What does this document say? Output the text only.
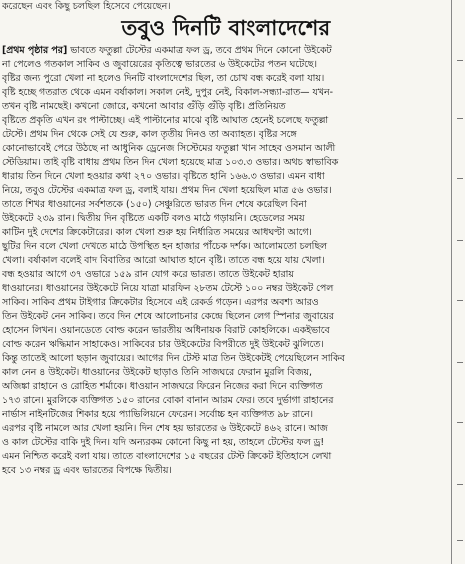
করেছেন এবং কিছু চলছিল হিসেবে পেয়েছেন।
তবুও দিনটি বাংলাদেশের
[প্রথম পৃষ্ঠার পর] ভাবতে ফতুল্লা টেস্টের একমাত্র ফল ড্র, তবে প্রথম দিনে কোনো উইকেট
না পেলেও গতকাল সাকিব ও জুবায়েরের কৃতিত্বে ভারতের ৬ উইকেটের পতন ঘটেছে।
বৃষ্টির জন্য পুরো খেলা না হলেও দিনটি বাংলাদেশের ছিল, তা চোখ বন্ধ করেই বলা যায়।
বৃষ্টি হচ্ছে গতরাত থেকে এমন বর্ষাকাল। সকাল নেই, দুপুর নেই, বিকাল-সন্ধ্যা-রাত— যখন-
তখন বৃষ্টি নামছেই। কখনো জোরে, কখনো আবার গুঁড়ি গুঁড়ি বৃষ্টি। প্রতিনিয়ত
বৃষ্টিতে প্রকৃতি এখন রং পাল্টাচ্ছে। এই পাল্টানোর মাঝে বৃষ্টি আঘাত হেনেই চলেছে ফতুল্লা
টেস্টে। প্রথম দিন থেকে সেই যে শুরু, কাল তৃতীয় দিনও তা অব্যাহত। বৃষ্টির সঙ্গে
কোনোভাবেই পেরে উঠছে না আধুনিক ড্রেনেজ সিস্টেমের ফতুল্লা খান সাহেব ওসমান আলী
স্টেডিয়াম। তাই বৃষ্টি বাধায় প্রথম তিন দিন খেলা হয়েছে মাত্র ১০৩.৩ ওভার। অথচ স্বাভাবিক
ধারায় তিন দিনে খেলা হওয়ার কথা ২৭০ ওভার। বৃষ্টিতে হানি ১৬৬.৩ ওভার। এমন বাধা
নিয়ে, তবুও টেস্টের একমাত্র ফল ড্র, বলাই যায়। প্রথম দিন খেলা হয়েছিল মাত্র ৫৬ ওভার।
তাতে শিখর ধাওয়ানের সর্বশতকে (১৫০) সেঞ্চুরিতে ভারত দিন শেষে করেছিল বিনা
উইকেটে ২৩৯ রান। দ্বিতীয় দিন বৃষ্টিতে একটি বলও মাঠে গড়ায়নি। হেডেলের সময়
কাটিন দুই দেশের ক্রিকেটারের। কাল খেলা শুরু হয় নির্ধারিত সময়ের আধঘণ্টা আগে।
ছুটির দিন বলে খেলা দেখতে মাঠে উপস্থিত হন হাজার পাঁচেক দর্শক। আলোমতো চলছিল
খেলা। বর্ষাকাল বলেই বাদ বিবাতির আরো আঘাত হানে বৃষ্টি। তাতে বন্ধ হয়ে যায় খেলা।
বন্ধ হওয়ার আগে ৩৭ ওভারে ১৫৯ রান যোগ করে ভারত। তাতে উইকেট হারায়
ধাওয়ানের। ধাওয়ানের উইকেটে নিয়ে যাত্রা মারফিন ২৮তম টেস্টে ১০০ নম্বর উইকেট পেল
সাকিব। সাকিব প্রথম টাইগার ক্রিকেটার হিসেবে এই রেকর্ড গড়েন। এরপর অবশ্য আরও
তিন উইকেট নেন সাকিব। তবে দিন শেষে আলোচনার কেন্দ্রে ছিলেন লেগ স্পিনার জুবায়ের
হোসেন লিখন। ওয়ানডেতে বোল্ড করেন ভারতীয় অধিনায়ক বিরাট কোহলিকে। একইভাবে
বোল্ড করেন ঋদ্ধিমান সাহাকেও। সাকিবের চার উইকেটের বিপরীতে দুই উইকেট ঝুলিতে।
কিন্তু তাতেই আলো ছড়ান জুবায়ের। আগের দিন টেস্ট মাত্র তিন উইকেটই পেয়েছিলেন সাকিব
কাল নেন ৪ উইকেট। ধাওয়ানের উইকেট ছাড়াও তিনি সাজঘরে ফেরান মুরলি বিজয়,
অজিঙ্কা রাহানে ও রোহিত শর্মাকে। ধাওয়ান সাজঘরে ফিরেন নিজের করা দিনে ব্যক্তিগত
১৭৩ রানে। মুরলিকে ব্যক্তিগত ১৫০ রানের বোকা বানান আরম ফের। তবে দুর্ভাগা রাহানের
নার্ভাস নাইনটিজের শিকার হয়ে প্যাভিলিয়নে ফেরেন। সর্বোচ্চ হন ব্যক্তিগত ৯৮ রানে।
এরপর বৃষ্টি নামলে আর খেলা হয়নি। দিন শেষ হয় ভারতের ৬ উইকেটে ৪৬২ রানে। আজ
ও কাল টেস্টের বাকি দুই দিন। যদি অন্যরকম কোনো কিছু না হয়, তাহলে টেস্টের ফল ড্র!
এমন নিশ্চিত করেই বলা যায়। তাতে বাংলাদেশের ১৫ বছরের টেস্ট ক্রিকেট ইতিহাসে লেখা
হবে ১৩ নম্বর ড্র এবং ভারতের বিপক্ষে দ্বিতীয়।
